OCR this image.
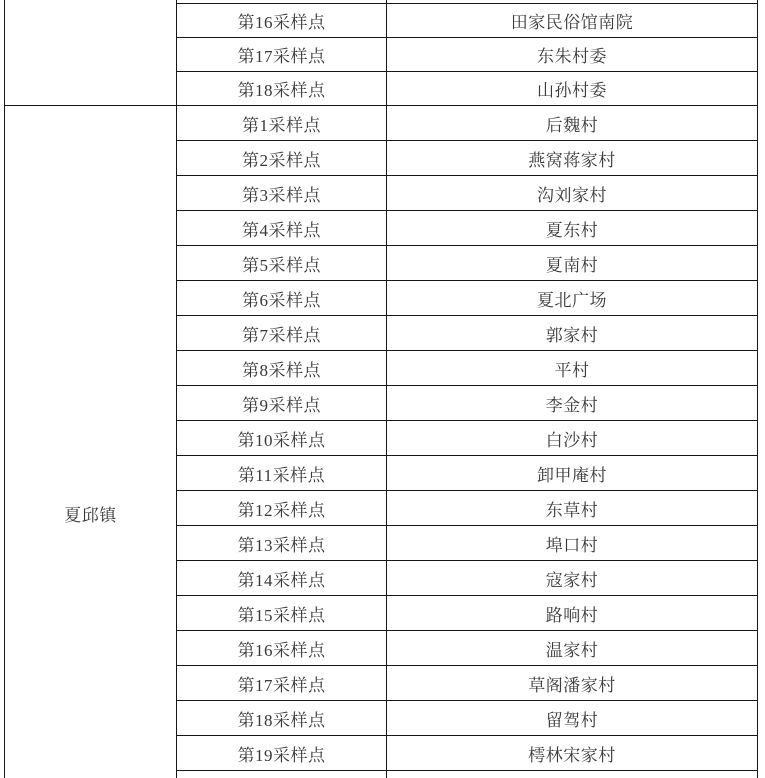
	第16采样点	田家民俗馆南院
	第17采样点	东朱村委
	第18采样点	山孙村委

夏邱镇	第1采样点	后魏村
	第2采样点	燕窝蒋家村
	第3采样点	沟刘家村
	第4采样点	夏东村
	第5采样点	夏南村
	第6采样点	夏北广场
	第7采样点	郭家村
	第8采样点	平村
	第9采样点	李金村
	第10采样点	白沙村
	第11采样点	卸甲庵村
	第12采样点	东草村
	第13采样点	埠口村
	第14采样点	寇家村
	第15采样点	路响村
	第16采样点	温家村
	第17采样点	草阁潘家村
	第18采样点	留驾村
	第19采样点	樗林宋家村
